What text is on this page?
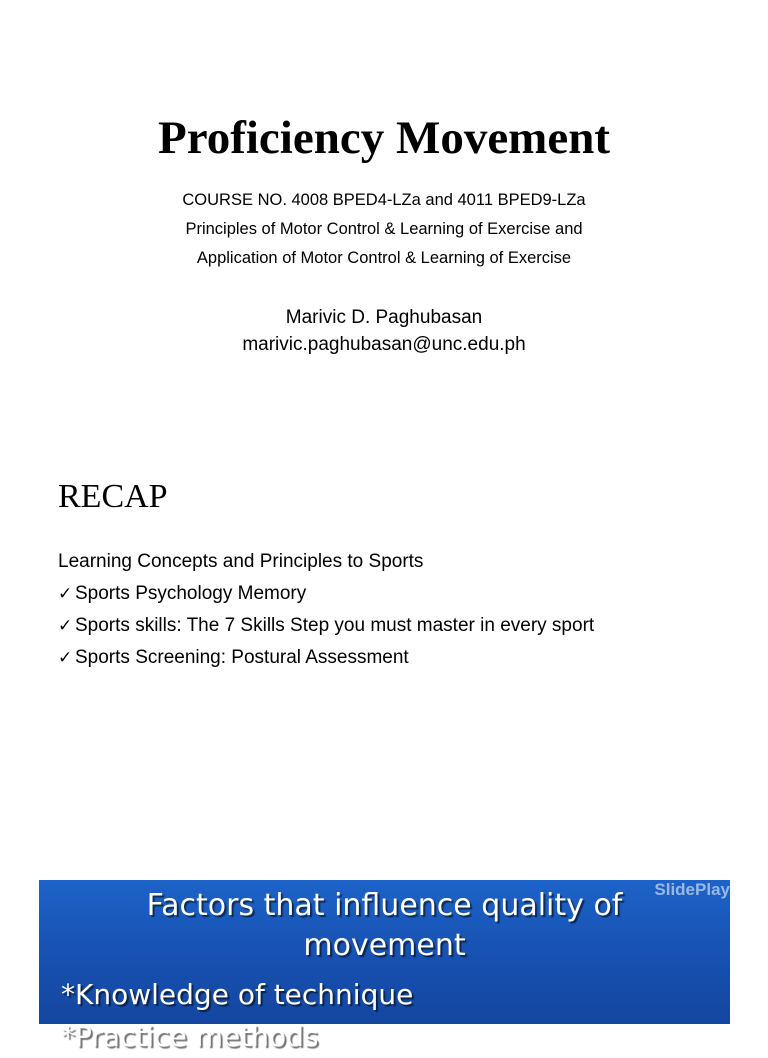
Proficiency Movement
COURSE NO. 4008 BPED4-LZa and 4011 BPED9-LZa
Principles of Motor Control & Learning of Exercise and
Application of Motor Control & Learning of Exercise
Marivic D. Paghubasan
marivic.paghubasan@unc.edu.ph
RECAP
Learning Concepts and Principles to Sports
✓ Sports Psychology Memory
✓ Sports skills: The 7 Skills Step you must master in every sport
✓ Sports Screening: Postural Assessment
SlidePlay
Factors that influence quality of
movement
*Knowledge of technique
*Practice methods
